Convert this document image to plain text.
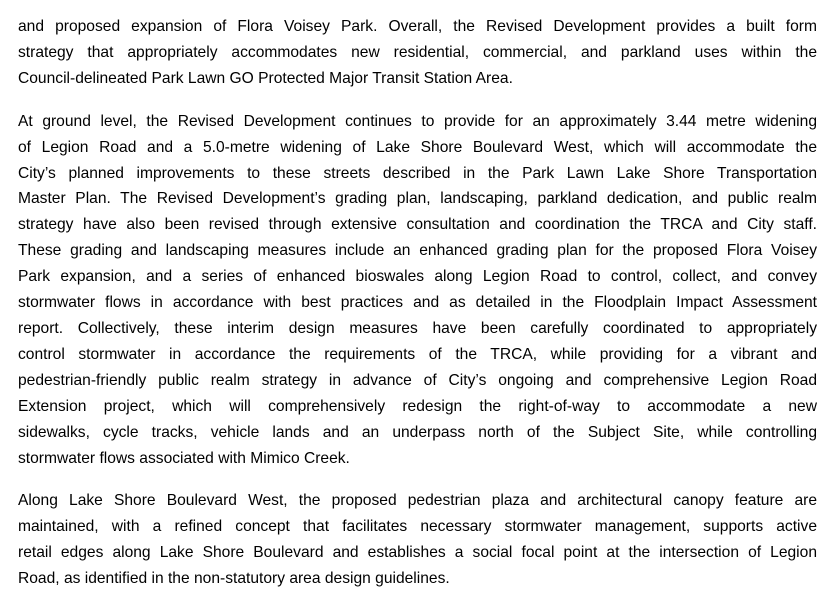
and proposed expansion of Flora Voisey Park. Overall, the Revised Development provides a built form
strategy that appropriately accommodates new residential, commercial, and parkland uses within the
Council-delineated Park Lawn GO Protected Major Transit Station Area.

At ground level, the Revised Development continues to provide for an approximately 3.44 metre widening
of Legion Road and a 5.0-metre widening of Lake Shore Boulevard West, which will accommodate the
City’s planned improvements to these streets described in the Park Lawn Lake Shore Transportation
Master Plan. The Revised Development’s grading plan, landscaping, parkland dedication, and public realm
strategy have also been revised through extensive consultation and coordination the TRCA and City staff.
These grading and landscaping measures include an enhanced grading plan for the proposed Flora Voisey
Park expansion, and a series of enhanced bioswales along Legion Road to control, collect, and convey
stormwater flows in accordance with best practices and as detailed in the Floodplain Impact Assessment
report. Collectively, these interim design measures have been carefully coordinated to appropriately
control stormwater in accordance the requirements of the TRCA, while providing for a vibrant and
pedestrian-friendly public realm strategy in advance of City’s ongoing and comprehensive Legion Road
Extension project, which will comprehensively redesign the right-of-way to accommodate a new
sidewalks, cycle tracks, vehicle lands and an underpass north of the Subject Site, while controlling
stormwater flows associated with Mimico Creek.

Along Lake Shore Boulevard West, the proposed pedestrian plaza and architectural canopy feature are
maintained, with a refined concept that facilitates necessary stormwater management, supports active
retail edges along Lake Shore Boulevard and establishes a social focal point at the intersection of Legion
Road, as identified in the non-statutory area design guidelines.
